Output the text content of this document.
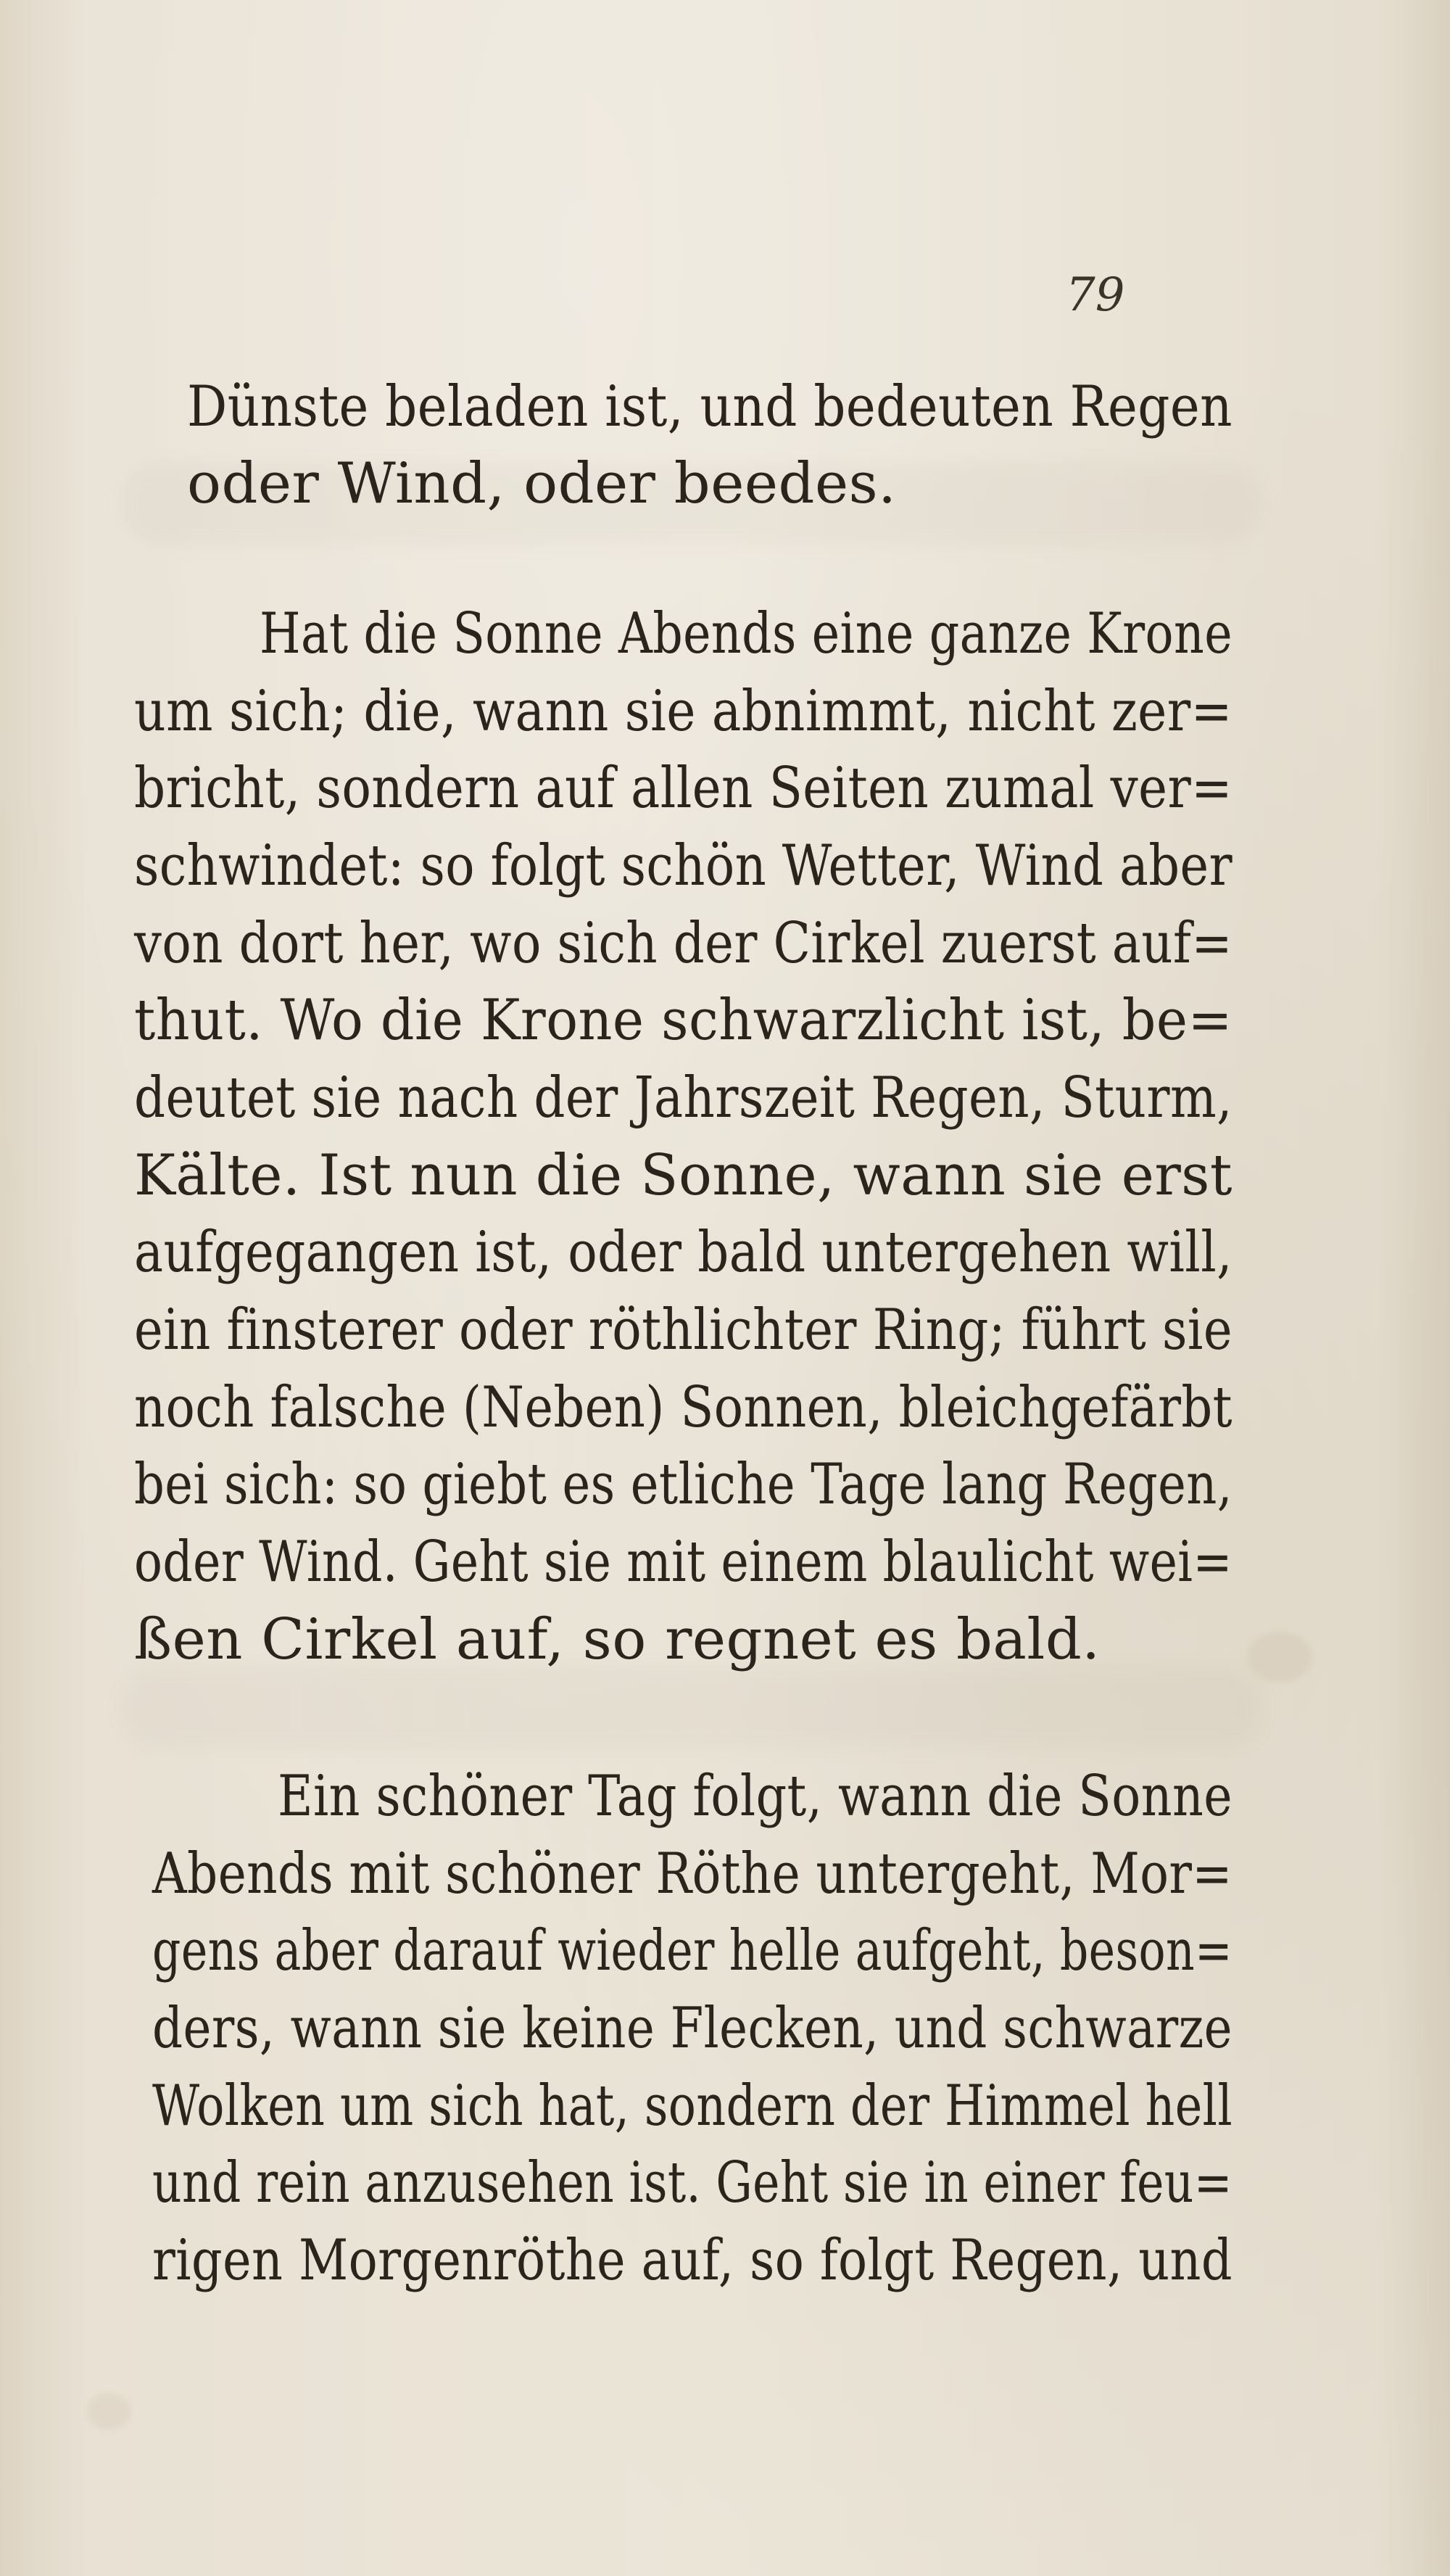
79
Dünste beladen ist, und bedeuten Regen
oder Wind, oder beedes.
Hat die Sonne Abends eine ganze Krone
um sich; die, wann sie abnimmt, nicht zer=
bricht, sondern auf allen Seiten zumal ver=
schwindet: so folgt schön Wetter, Wind aber
von dort her, wo sich der Cirkel zuerst auf=
thut. Wo die Krone schwarzlicht ist, be=
deutet sie nach der Jahrszeit Regen, Sturm,
Kälte. Ist nun die Sonne, wann sie erst
aufgegangen ist, oder bald untergehen will,
ein finsterer oder röthlichter Ring; führt sie
noch falsche (Neben) Sonnen, bleichgefärbt
bei sich: so giebt es etliche Tage lang Regen,
oder Wind. Geht sie mit einem blaulicht wei=
ßen Cirkel auf, so regnet es bald.
Ein schöner Tag folgt, wann die Sonne
Abends mit schöner Röthe untergeht, Mor=
gens aber darauf wieder helle aufgeht, beson=
ders, wann sie keine Flecken, und schwarze
Wolken um sich hat, sondern der Himmel hell
und rein anzusehen ist. Geht sie in einer feu=
rigen Morgenröthe auf, so folgt Regen, und
